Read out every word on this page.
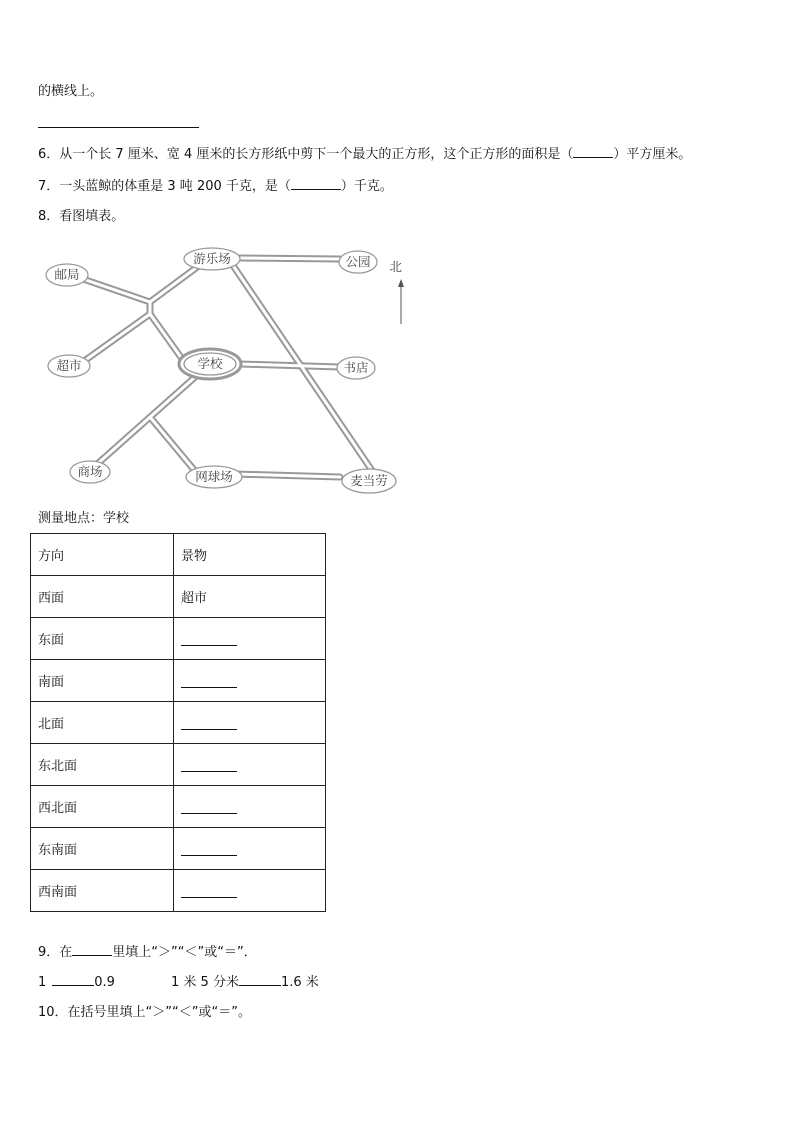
的横线上。
6．从一个长 7 厘米、宽 4 厘米的长方形纸中剪下一个最大的正方形，这个正方形的面积是（	）平方厘米。
7．一头蓝鲸的体重是 3 吨 200 千克，是（	）千克。
8．看图填表。
游乐场	公园
邮局
超市	学校	书店
商场	网球场	麦当劳
北
测量地点：学校
方向	景物
西面	超市
东面	
南面	
北面	
东北面	
西北面	
东南面	
西南面	
9．在	里填上“＞”“＜”或“＝”．
1	0.9	1 米 5 分米	1.6 米
10．在括号里填上“＞”“＜”或“＝”。
